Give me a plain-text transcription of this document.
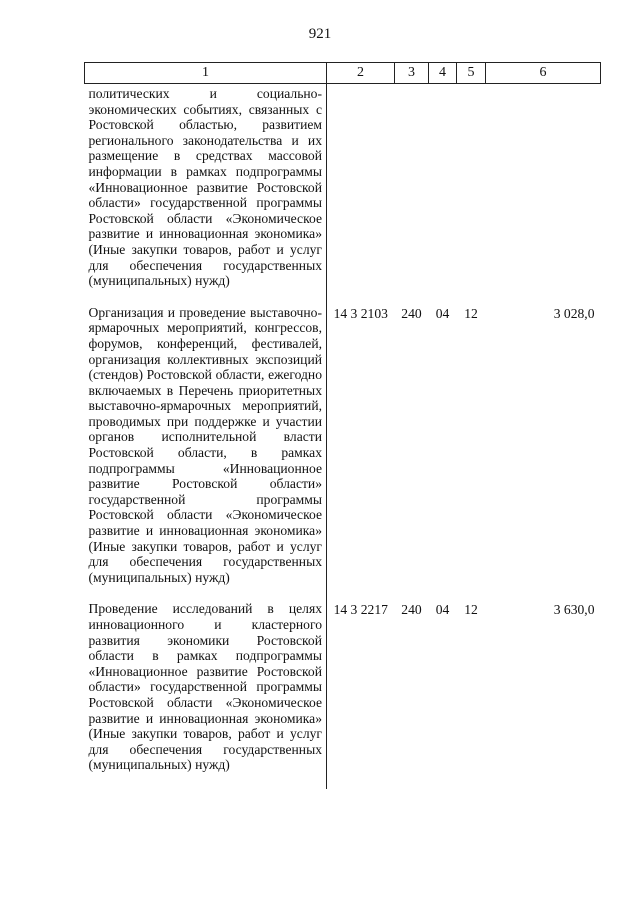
921
1	2	3	4	5	6
политических и социально-экономических событиях, связанных с Ростовской областью, развитием регионального законодательства и их размещение в средствах массовой информации в рамках подпрограммы «Инновационное развитие Ростовской области» государственной программы Ростовской области «Экономическое развитие и инновационная экономика» (Иные закупки товаров, работ и услуг для обеспечения государственных (муниципальных) нужд)					
Организация и проведение выставочно-ярмарочных мероприятий, конгрессов, форумов, конференций, фестивалей, организация коллективных экспозиций (стендов) Ростовской области, ежегодно включаемых в Перечень приоритетных выставочно-ярмарочных мероприятий, проводимых при поддержке и участии органов исполнительной власти Ростовской области, в рамках подпрограммы «Инновационное развитие Ростовской области» государственной программы Ростовской области «Экономическое развитие и инновационная экономика» (Иные закупки товаров, работ и услуг для обеспечения государственных (муниципальных) нужд)	14 3 2103	240	04	12	3 028,0
Проведение исследований в целях инновационного и кластерного развития экономики Ростовской области в рамках подпрограммы «Инновационное развитие Ростовской области» государственной программы Ростовской области «Экономическое развитие и инновационная экономика» (Иные закупки товаров, работ и услуг для обеспечения государственных (муниципальных) нужд)	14 3 2217	240	04	12	3 630,0
